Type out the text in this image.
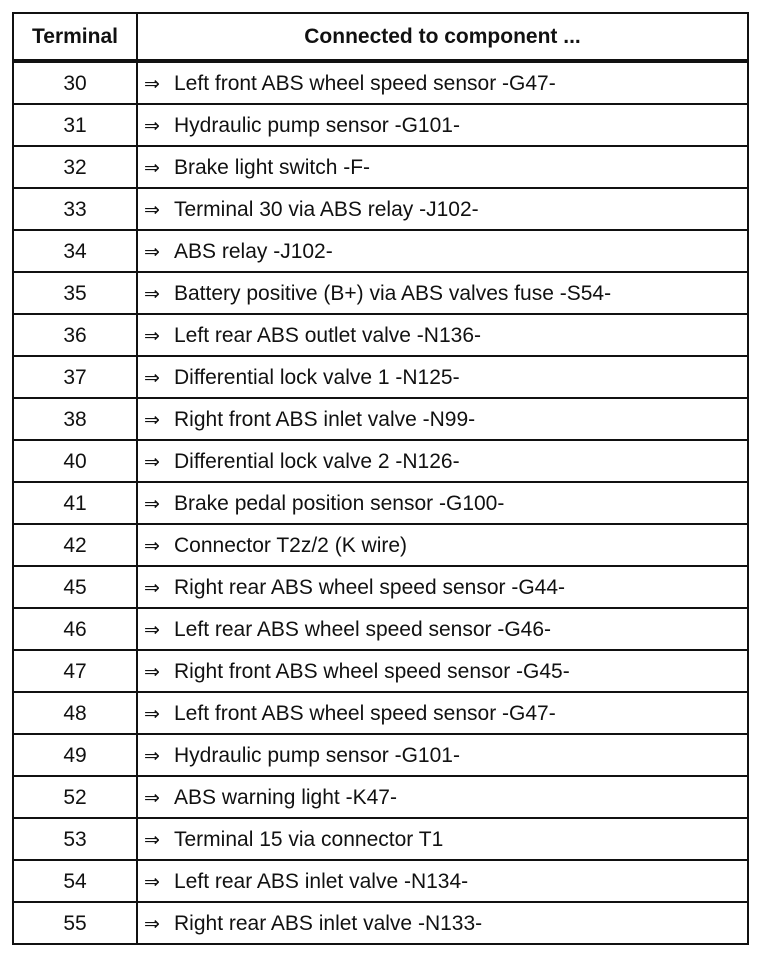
Terminal	Connected to component ...
30	⇒ Left front ABS wheel speed sensor -G47-
31	⇒ Hydraulic pump sensor -G101-
32	⇒ Brake light switch -F-
33	⇒ Terminal 30 via ABS relay -J102-
34	⇒ ABS relay -J102-
35	⇒ Battery positive (B+) via ABS valves fuse -S54-
36	⇒ Left rear ABS outlet valve -N136-
37	⇒ Differential lock valve 1 -N125-
38	⇒ Right front ABS inlet valve -N99-
40	⇒ Differential lock valve 2 -N126-
41	⇒ Brake pedal position sensor -G100-
42	⇒ Connector T2z/2 (K wire)
45	⇒ Right rear ABS wheel speed sensor -G44-
46	⇒ Left rear ABS wheel speed sensor -G46-
47	⇒ Right front ABS wheel speed sensor -G45-
48	⇒ Left front ABS wheel speed sensor -G47-
49	⇒ Hydraulic pump sensor -G101-
52	⇒ ABS warning light -K47-
53	⇒ Terminal 15 via connector T1
54	⇒ Left rear ABS inlet valve -N134-
55	⇒ Right rear ABS inlet valve -N133-
